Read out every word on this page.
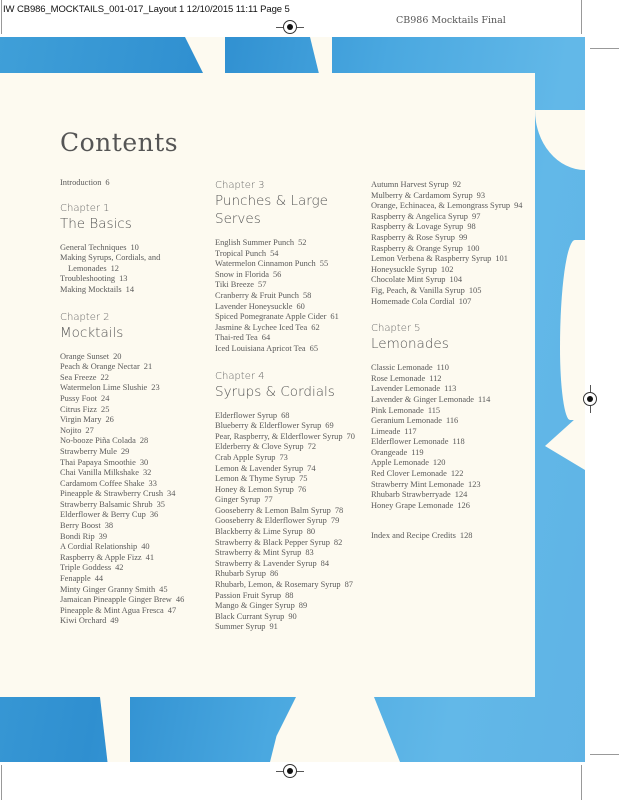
IW CB986_MOCKTAILS_001-017_Layout 1 12/10/2015 11:11 Page 5
CB986 Mocktails Final
Contents
Introduction 6
Chapter 1
The Basics
General Techniques 10
Making Syrups, Cordials, and Lemonades 12
Troubleshooting 13
Making Mocktails 14
Chapter 2
Mocktails
Orange Sunset 20
Peach & Orange Nectar 21
Sea Freeze 22
Watermelon Lime Slushie 23
Pussy Foot 24
Citrus Fizz 25
Virgin Mary 26
Nojito 27
No-booze Piña Colada 28
Strawberry Mule 29
Thai Papaya Smoothie 30
Chai Vanilla Milkshake 32
Cardamom Coffee Shake 33
Pineapple & Strawberry Crush 34
Strawberry Balsamic Shrub 35
Elderflower & Berry Cup 36
Berry Boost 38
Bondi Rip 39
A Cordial Relationship 40
Raspberry & Apple Fizz 41
Triple Goddess 42
Fenapple 44
Minty Ginger Granny Smith 45
Jamaican Pineapple Ginger Brew 46
Pineapple & Mint Agua Fresca 47
Kiwi Orchard 49
Chapter 3
Punches & Large Serves
English Summer Punch 52
Tropical Punch 54
Watermelon Cinnamon Punch 55
Snow in Florida 56
Tiki Breeze 57
Cranberry & Fruit Punch 58
Lavender Honeysuckle 60
Spiced Pomegranate Apple Cider 61
Jasmine & Lychee Iced Tea 62
Thai-red Tea 64
Iced Louisiana Apricot Tea 65
Chapter 4
Syrups & Cordials
Elderflower Syrup 68
Blueberry & Elderflower Syrup 69
Pear, Raspberry, & Elderflower Syrup 70
Elderberry & Clove Syrup 72
Crab Apple Syrup 73
Lemon & Lavender Syrup 74
Lemon & Thyme Syrup 75
Honey & Lemon Syrup 76
Ginger Syrup 77
Gooseberry & Lemon Balm Syrup 78
Gooseberry & Elderflower Syrup 79
Blackberry & Lime Syrup 80
Strawberry & Black Pepper Syrup 82
Strawberry & Mint Syrup 83
Strawberry & Lavender Syrup 84
Rhubarb Syrup 86
Rhubarb, Lemon, & Rosemary Syrup 87
Passion Fruit Syrup 88
Mango & Ginger Syrup 89
Black Currant Syrup 90
Summer Syrup 91
Autumn Harvest Syrup 92
Mulberry & Cardamom Syrup 93
Orange, Echinacea, & Lemongrass Syrup 94
Raspberry & Angelica Syrup 97
Raspberry & Lovage Syrup 98
Raspberry & Rose Syrup 99
Raspberry & Orange Syrup 100
Lemon Verbena & Raspberry Syrup 101
Honeysuckle Syrup 102
Chocolate Mint Syrup 104
Fig, Peach, & Vanilla Syrup 105
Homemade Cola Cordial 107
Chapter 5
Lemonades
Classic Lemonade 110
Rose Lemonade 112
Lavender Lemonade 113
Lavender & Ginger Lemonade 114
Pink Lemonade 115
Geranium Lemonade 116
Limeade 117
Elderflower Lemonade 118
Orangeade 119
Apple Lemonade 120
Red Clover Lemonade 122
Strawberry Mint Lemonade 123
Rhubarb Strawberryade 124
Honey Grape Lemonade 126
Index and Recipe Credits 128
